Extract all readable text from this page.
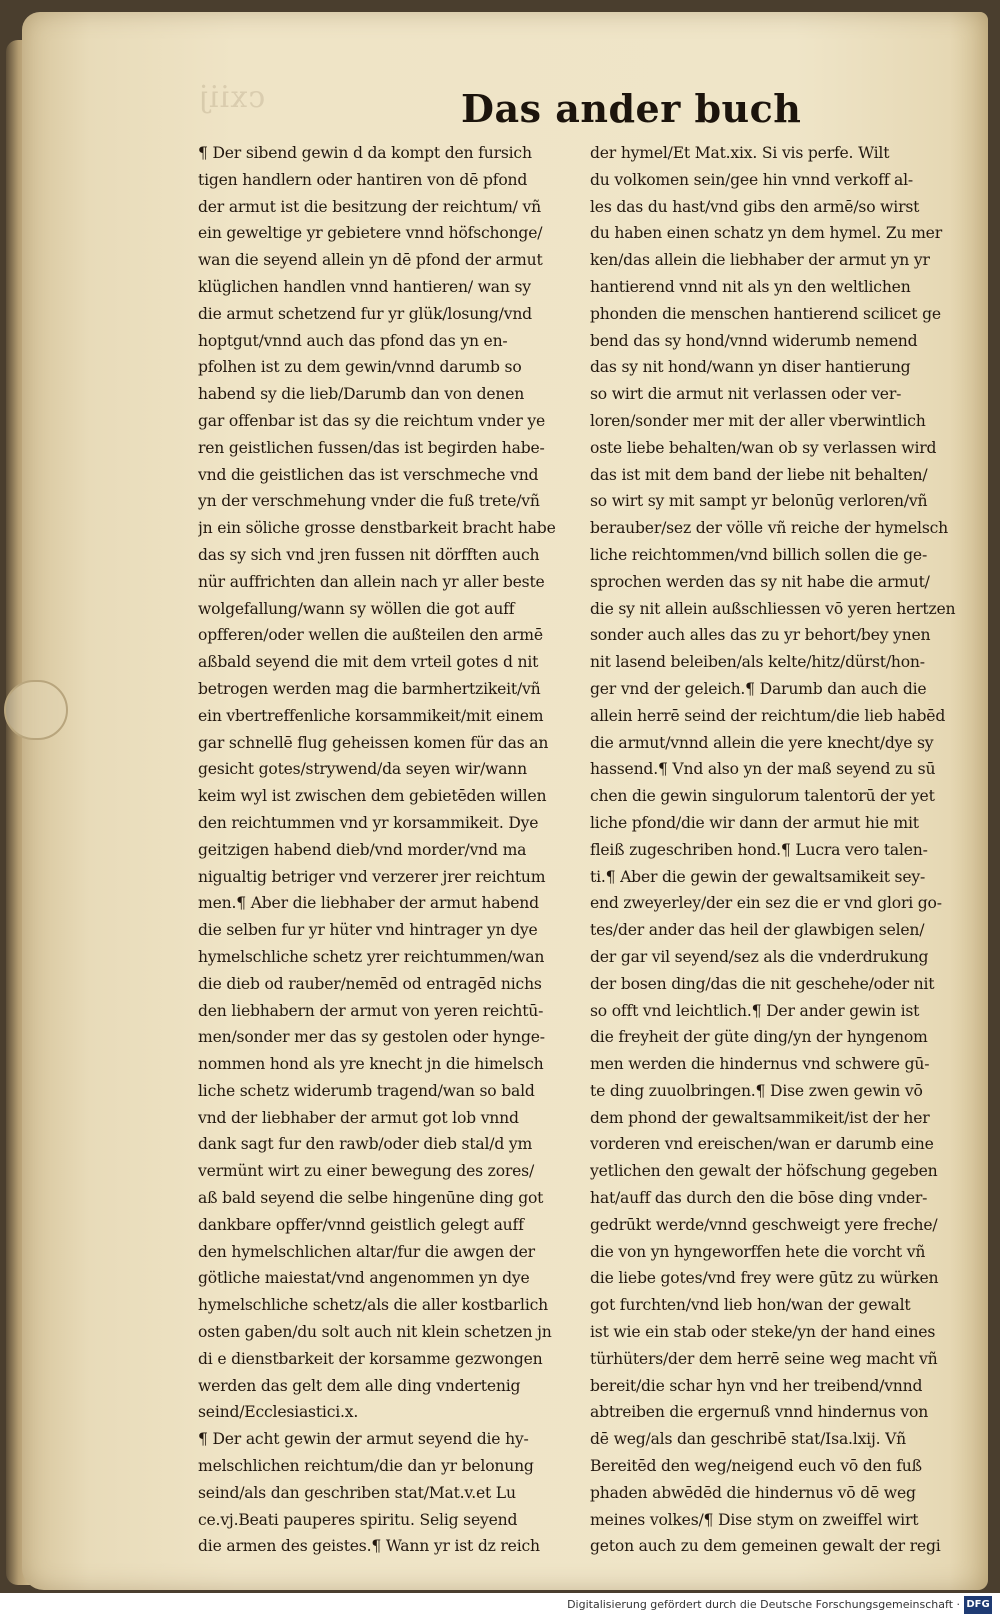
cxiij	Das ander buch

¶ Der sibend gewin d da kompt den fursich

tigen handlern oder hantiren von dē pfond

der armut ist die besitzung der reichtum/ vñ

ein geweltige yr gebietere vnnd höfschonge/

wan die seyend allein yn dē pfond der armut

klüglichen handlen vnnd hantieren/ wan sy

die armut schetzend fur yr glük/losung/vnd

hoptgut/vnnd auch das pfond das yn en-

pfolhen ist zu dem gewin/vnnd darumb so

habend sy die lieb/Darumb dan von denen

gar offenbar ist das sy die reichtum vnder ye

ren geistlichen fussen/das ist begirden habe-

vnd die geistlichen das ist verschmeche vnd

yn der verschmehung vnder die fuß trete/vñ

jn ein söliche grosse denstbarkeit bracht habe

das sy sich vnd jren fussen nit dörfften auch

nür auffrichten dan allein nach yr aller beste

wolgefallung/wann sy wöllen die got auff

opfferen/oder wellen die außteilen den armē

aßbald seyend die mit dem vrteil gotes d nit

betrogen werden mag die barmhertzikeit/vñ

ein vbertreffenliche korsammikeit/mit einem

gar schnellē flug geheissen komen für das an

gesicht gotes/strywend/da seyen wir/wann

keim wyl ist zwischen dem gebietēden willen

den reichtummen vnd yr korsammikeit. Dye

geitzigen habend dieb/vnd morder/vnd ma

nigualtig betriger vnd verzerer jrer reichtum

men.¶ Aber die liebhaber der armut habend

die selben fur yr hüter vnd hintrager yn dye

hymelschliche schetz yrer reichtummen/wan

die dieb od rauber/nemēd od entragēd nichs

den liebhabern der armut von yeren reichtū-

men/sonder mer das sy gestolen oder hynge-

nommen hond als yre knecht jn die himelsch

liche schetz widerumb tragend/wan so bald

vnd der liebhaber der armut got lob vnnd

dank sagt fur den rawb/oder dieb stal/d ym

vermünt wirt zu einer bewegung des zores/

aß bald seyend die selbe hingenūne ding got

dankbare opffer/vnnd geistlich gelegt auff

den hymelschlichen altar/fur die awgen der

götliche maiestat/vnd angenommen yn dye

hymelschliche schetz/als die aller kostbarlich

osten gaben/du solt auch nit klein schetzen jn

di e dienstbarkeit der korsamme gezwongen

werden das gelt dem alle ding vndertenig

seind/Ecclesiastici.x.

¶ Der acht gewin der armut seyend die hy-

melschlichen reichtum/die dan yr belonung

seind/als dan geschriben stat/Mat.v.et Lu

ce.vj.Beati pauperes spiritu. Selig seyend

die armen des geistes.¶ Wann yr ist dz reich

der hymel/Et Mat.xix. Si vis perfe. Wilt

du volkomen sein/gee hin vnnd verkoff al-

les das du hast/vnd gibs den armē/so wirst

du haben einen schatz yn dem hymel. Zu mer

ken/das allein die liebhaber der armut yn yr

hantierend vnnd nit als yn den weltlichen

phonden die menschen hantierend scilicet ge

bend das sy hond/vnnd widerumb nemend

das sy nit hond/wann yn diser hantierung

so wirt die armut nit verlassen oder ver-

loren/sonder mer mit der aller vberwintlich

oste liebe behalten/wan ob sy verlassen wird

das ist mit dem band der liebe nit behalten/

so wirt sy mit sampt yr belonūg verloren/vñ

berauber/sez der völle vñ reiche der hymelsch

liche reichtommen/vnd billich sollen die ge-

sprochen werden das sy nit habe die armut/

die sy nit allein außschliessen vō yeren hertzen

sonder auch alles das zu yr behort/bey ynen

nit lasend beleiben/als kelte/hitz/dürst/hon-

ger vnd der geleich.¶ Darumb dan auch die

allein herrē seind der reichtum/die lieb habēd

die armut/vnnd allein die yere knecht/dye sy

hassend.¶ Vnd also yn der maß seyend zu sū

chen die gewin singulorum talentorū der yet

liche pfond/die wir dann der armut hie mit

fleiß zugeschriben hond.¶ Lucra vero talen-

ti.¶ Aber die gewin der gewaltsamikeit sey-

end zweyerley/der ein sez die er vnd glori go-

tes/der ander das heil der glawbigen selen/

der gar vil seyend/sez als die vnderdrukung

der bosen ding/das die nit geschehe/oder nit

so offt vnd leichtlich.¶ Der ander gewin ist

die freyheit der güte ding/yn der hyngenom

men werden die hindernus vnd schwere gū-

te ding zuuolbringen.¶ Dise zwen gewin vō

dem phond der gewaltsammikeit/ist der her

vorderen vnd ereischen/wan er darumb eine

yetlichen den gewalt der höfschung gegeben

hat/auff das durch den die bōse ding vnder-

gedrūkt werde/vnnd geschweigt yere freche/

die von yn hyngeworffen hete die vorcht vñ

die liebe gotes/vnd frey were gūtz zu würken

got furchten/vnd lieb hon/wan der gewalt

ist wie ein stab oder steke/yn der hand eines

türhüters/der dem herrē seine weg macht vñ

bereit/die schar hyn vnd her treibend/vnnd

abtreiben die ergernuß vnnd hindernus von

dē weg/als dan geschribē stat/Isa.lxij. Vñ

Bereitēd den weg/neigend euch vō den fuß

phaden abwēdēd die hindernus vō dē weg

meines volkes/¶ Dise stym on zweiffel wirt

geton auch zu dem gemeinen gewalt der regi

Digitalisierung gefördert durch die Deutsche Forschungsgemeinschaft · DFG
